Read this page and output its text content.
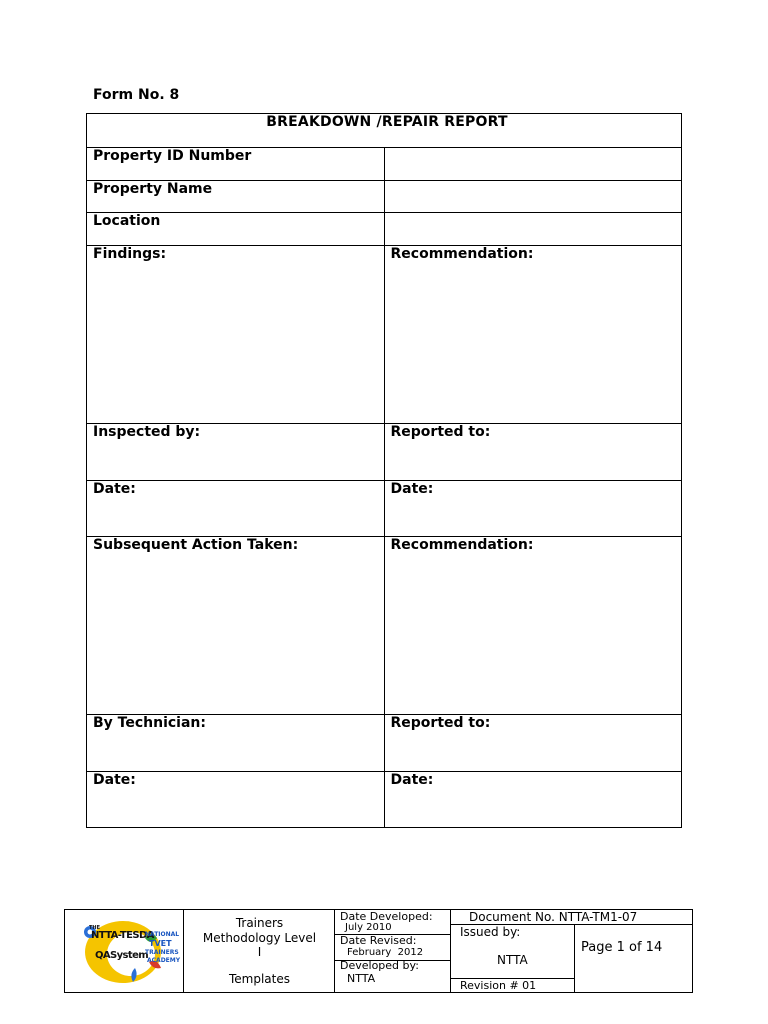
Form No. 8
BREAKDOWN /REPAIR REPORT	
Property ID Number	
Property Name	
Location	
Findings:	Recommendation:
Inspected by:	Reported to:
Date:	Date:
Subsequent Action Taken:	Recommendation:
By Technician:	Reported to:
Date:	Date:
THE
NTTA-TESDA
QASystem
NATIONAL
TVET
TRAINERS
ACADEMY
Trainers
Methodology Level
I
Templates
Date Developed:
July 2010
Date Revised:
February  2012
Developed by:
NTTA
Document No. NTTA-TM1-07
Issued by:
NTTA
Revision # 01
Page 1 of 14
